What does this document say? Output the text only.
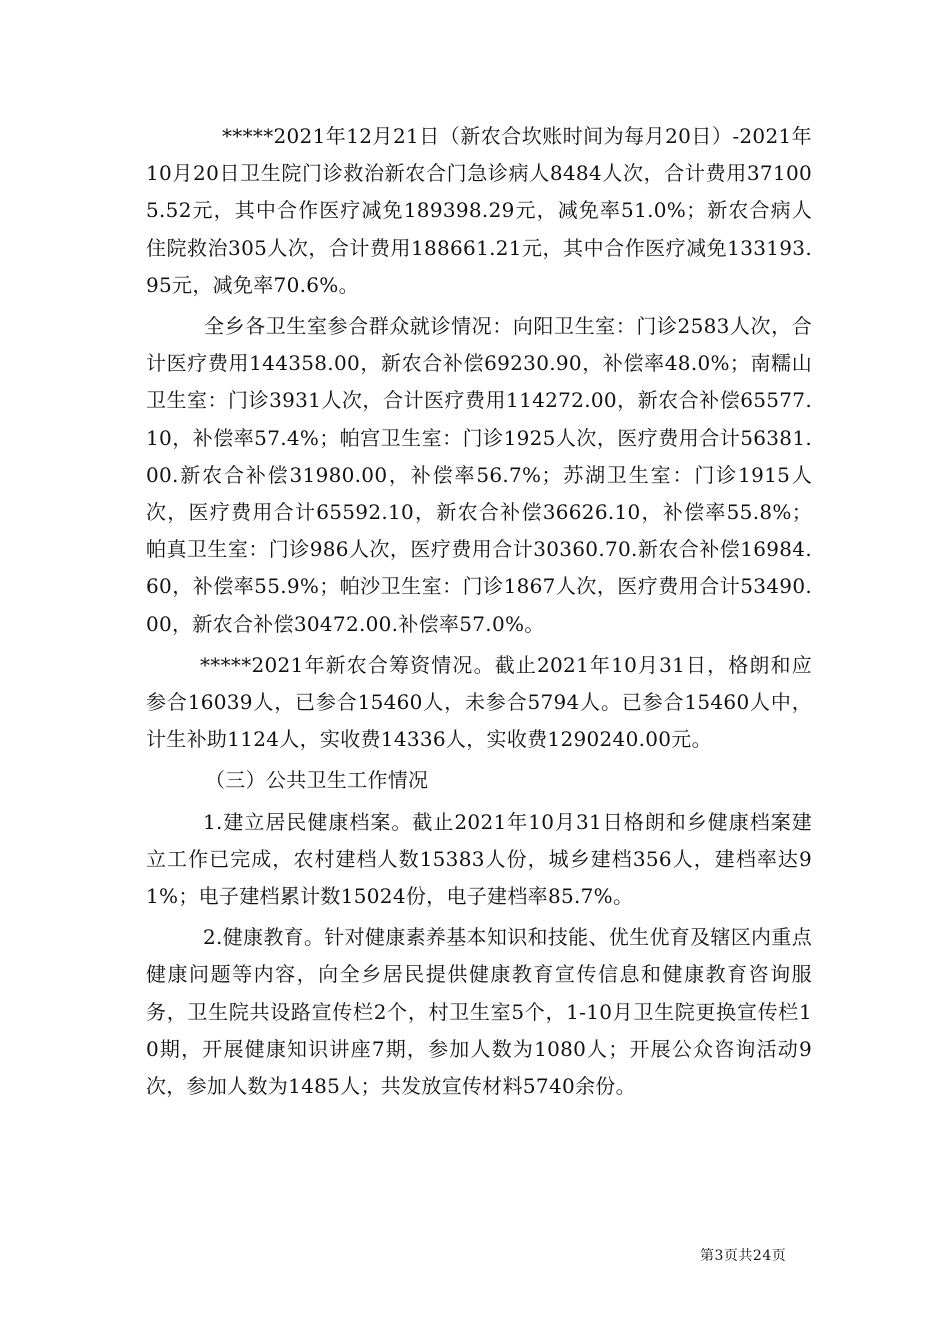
*****2021年12月21日（新农合坎账时间为每月20日）-2021年10月20日卫生院门诊救治新农合门急诊病人8484人次，合计费用371005.52元，其中合作医疗减免189398.29元，减免率51.0%；新农合病人住院救治305人次，合计费用188661.21元，其中合作医疗减免133193.95元，减免率70.6%。

全乡各卫生室参合群众就诊情况：向阳卫生室：门诊2583人次，合计医疗费用144358.00，新农合补偿69230.90，补偿率48.0%；南糯山卫生室：门诊3931人次，合计医疗费用114272.00，新农合补偿65577.10，补偿率57.4%；帕宫卫生室：门诊1925人次，医疗费用合计56381.00.新农合补偿31980.00，补偿率56.7%；苏湖卫生室：门诊1915人次，医疗费用合计65592.10，新农合补偿36626.10，补偿率55.8%；帕真卫生室：门诊986人次，医疗费用合计30360.70.新农合补偿16984.60，补偿率55.9%；帕沙卫生室：门诊1867人次，医疗费用合计53490.00，新农合补偿30472.00.补偿率57.0%。

*****2021年新农合筹资情况。截止2021年10月31日，格朗和应参合16039人，已参合15460人，未参合5794人。已参合15460人中，计生补助1124人，实收费14336人，实收费1290240.00元。

（三）公共卫生工作情况

1.建立居民健康档案。截止2021年10月31日格朗和乡健康档案建立工作已完成，农村建档人数15383人份，城乡建档356人，建档率达91%；电子建档累计数15024份，电子建档率85.7%。

2.健康教育。针对健康素养基本知识和技能、优生优育及辖区内重点健康问题等内容，向全乡居民提供健康教育宣传信息和健康教育咨询服务，卫生院共设路宣传栏2个，村卫生室5个，1-10月卫生院更换宣传栏10期，开展健康知识讲座7期，参加人数为1080人；开展公众咨询活动9次，参加人数为1485人；共发放宣传材料5740余份。

第3页共24页
